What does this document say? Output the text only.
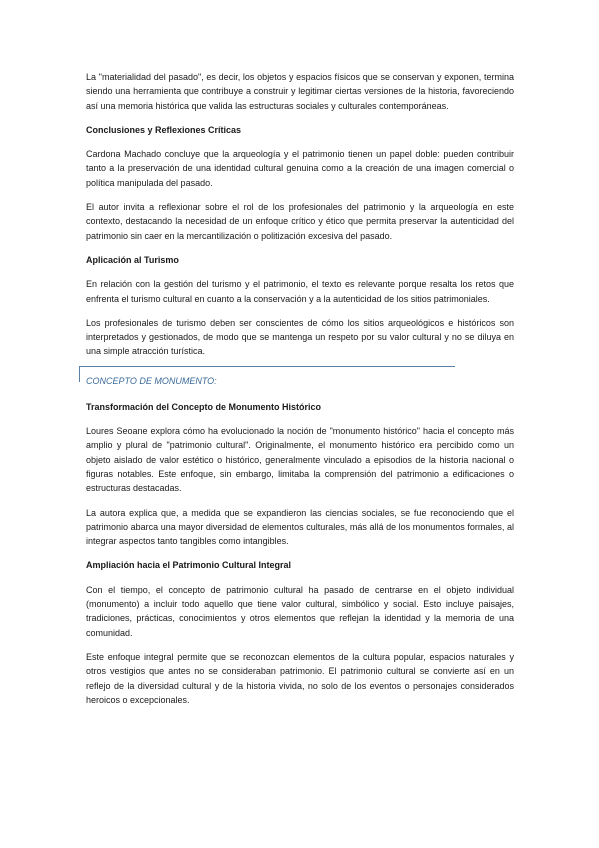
La "materialidad del pasado", es decir, los objetos y espacios físicos que se conservan y exponen, termina siendo una herramienta que contribuye a construir y legitimar ciertas versiones de la historia, favoreciendo así una memoria histórica que valida las estructuras sociales y culturales contemporáneas.

Conclusiones y Reflexiones Críticas

Cardona Machado concluye que la arqueología y el patrimonio tienen un papel doble: pueden contribuir tanto a la preservación de una identidad cultural genuina como a la creación de una imagen comercial o política manipulada del pasado.

El autor invita a reflexionar sobre el rol de los profesionales del patrimonio y la arqueología en este contexto, destacando la necesidad de un enfoque crítico y ético que permita preservar la autenticidad del patrimonio sin caer en la mercantilización o politización excesiva del pasado.

Aplicación al Turismo

En relación con la gestión del turismo y el patrimonio, el texto es relevante porque resalta los retos que enfrenta el turismo cultural en cuanto a la conservación y a la autenticidad de los sitios patrimoniales.

Los profesionales de turismo deben ser conscientes de cómo los sitios arqueológicos e históricos son interpretados y gestionados, de modo que se mantenga un respeto por su valor cultural y no se diluya en una simple atracción turística.

CONCEPTO DE MONUMENTO:

Transformación del Concepto de Monumento Histórico

Loures Seoane explora cómo ha evolucionado la noción de "monumento histórico" hacia el concepto más amplio y plural de "patrimonio cultural". Originalmente, el monumento histórico era percibido como un objeto aislado de valor estético o histórico, generalmente vinculado a episodios de la historia nacional o figuras notables. Este enfoque, sin embargo, limitaba la comprensión del patrimonio a edificaciones o estructuras destacadas.

La autora explica que, a medida que se expandieron las ciencias sociales, se fue reconociendo que el patrimonio abarca una mayor diversidad de elementos culturales, más allá de los monumentos formales, al integrar aspectos tanto tangibles como intangibles.

Ampliación hacia el Patrimonio Cultural Integral

Con el tiempo, el concepto de patrimonio cultural ha pasado de centrarse en el objeto individual (monumento) a incluir todo aquello que tiene valor cultural, simbólico y social. Esto incluye paisajes, tradiciones, prácticas, conocimientos y otros elementos que reflejan la identidad y la memoria de una comunidad.

Este enfoque integral permite que se reconozcan elementos de la cultura popular, espacios naturales y otros vestigios que antes no se consideraban patrimonio. El patrimonio cultural se convierte así en un reflejo de la diversidad cultural y de la historia vivida, no solo de los eventos o personajes considerados heroicos o excepcionales.
